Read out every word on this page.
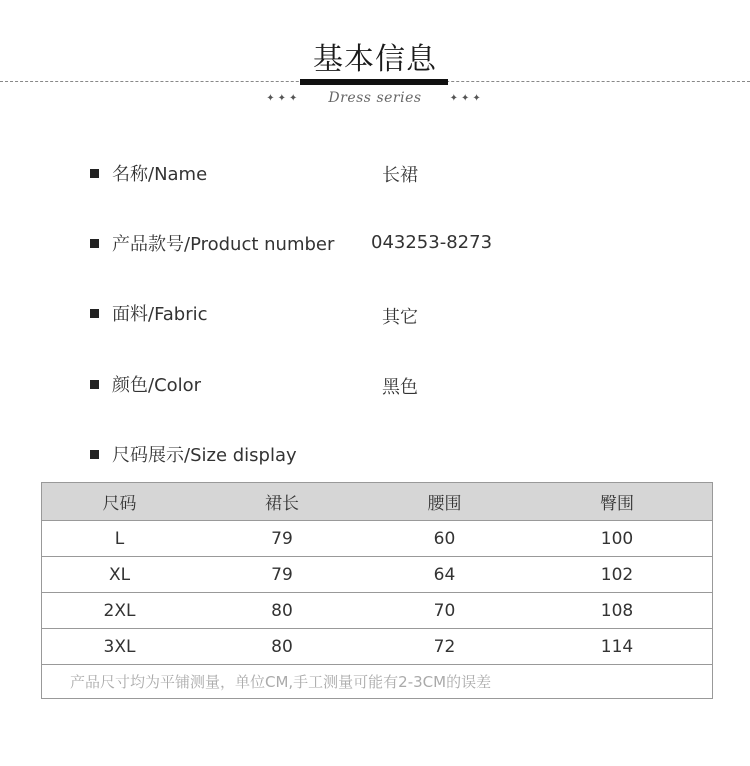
基本信息
✦✦✦ Dress series	✦✦✦
名称/Name	长裙
产品款号/Product number 043253-8273
面料/Fabric	其它
颜色/Color	黑色
尺码展示/Size display
尺码	裙长	腰围	臀围
L	79	60	100
XL	79	64	102
2XL	80	70	108
3XL	80	72	114
产品尺寸均为平铺测量，单位CM,手工测量可能有2-3CM的误差
